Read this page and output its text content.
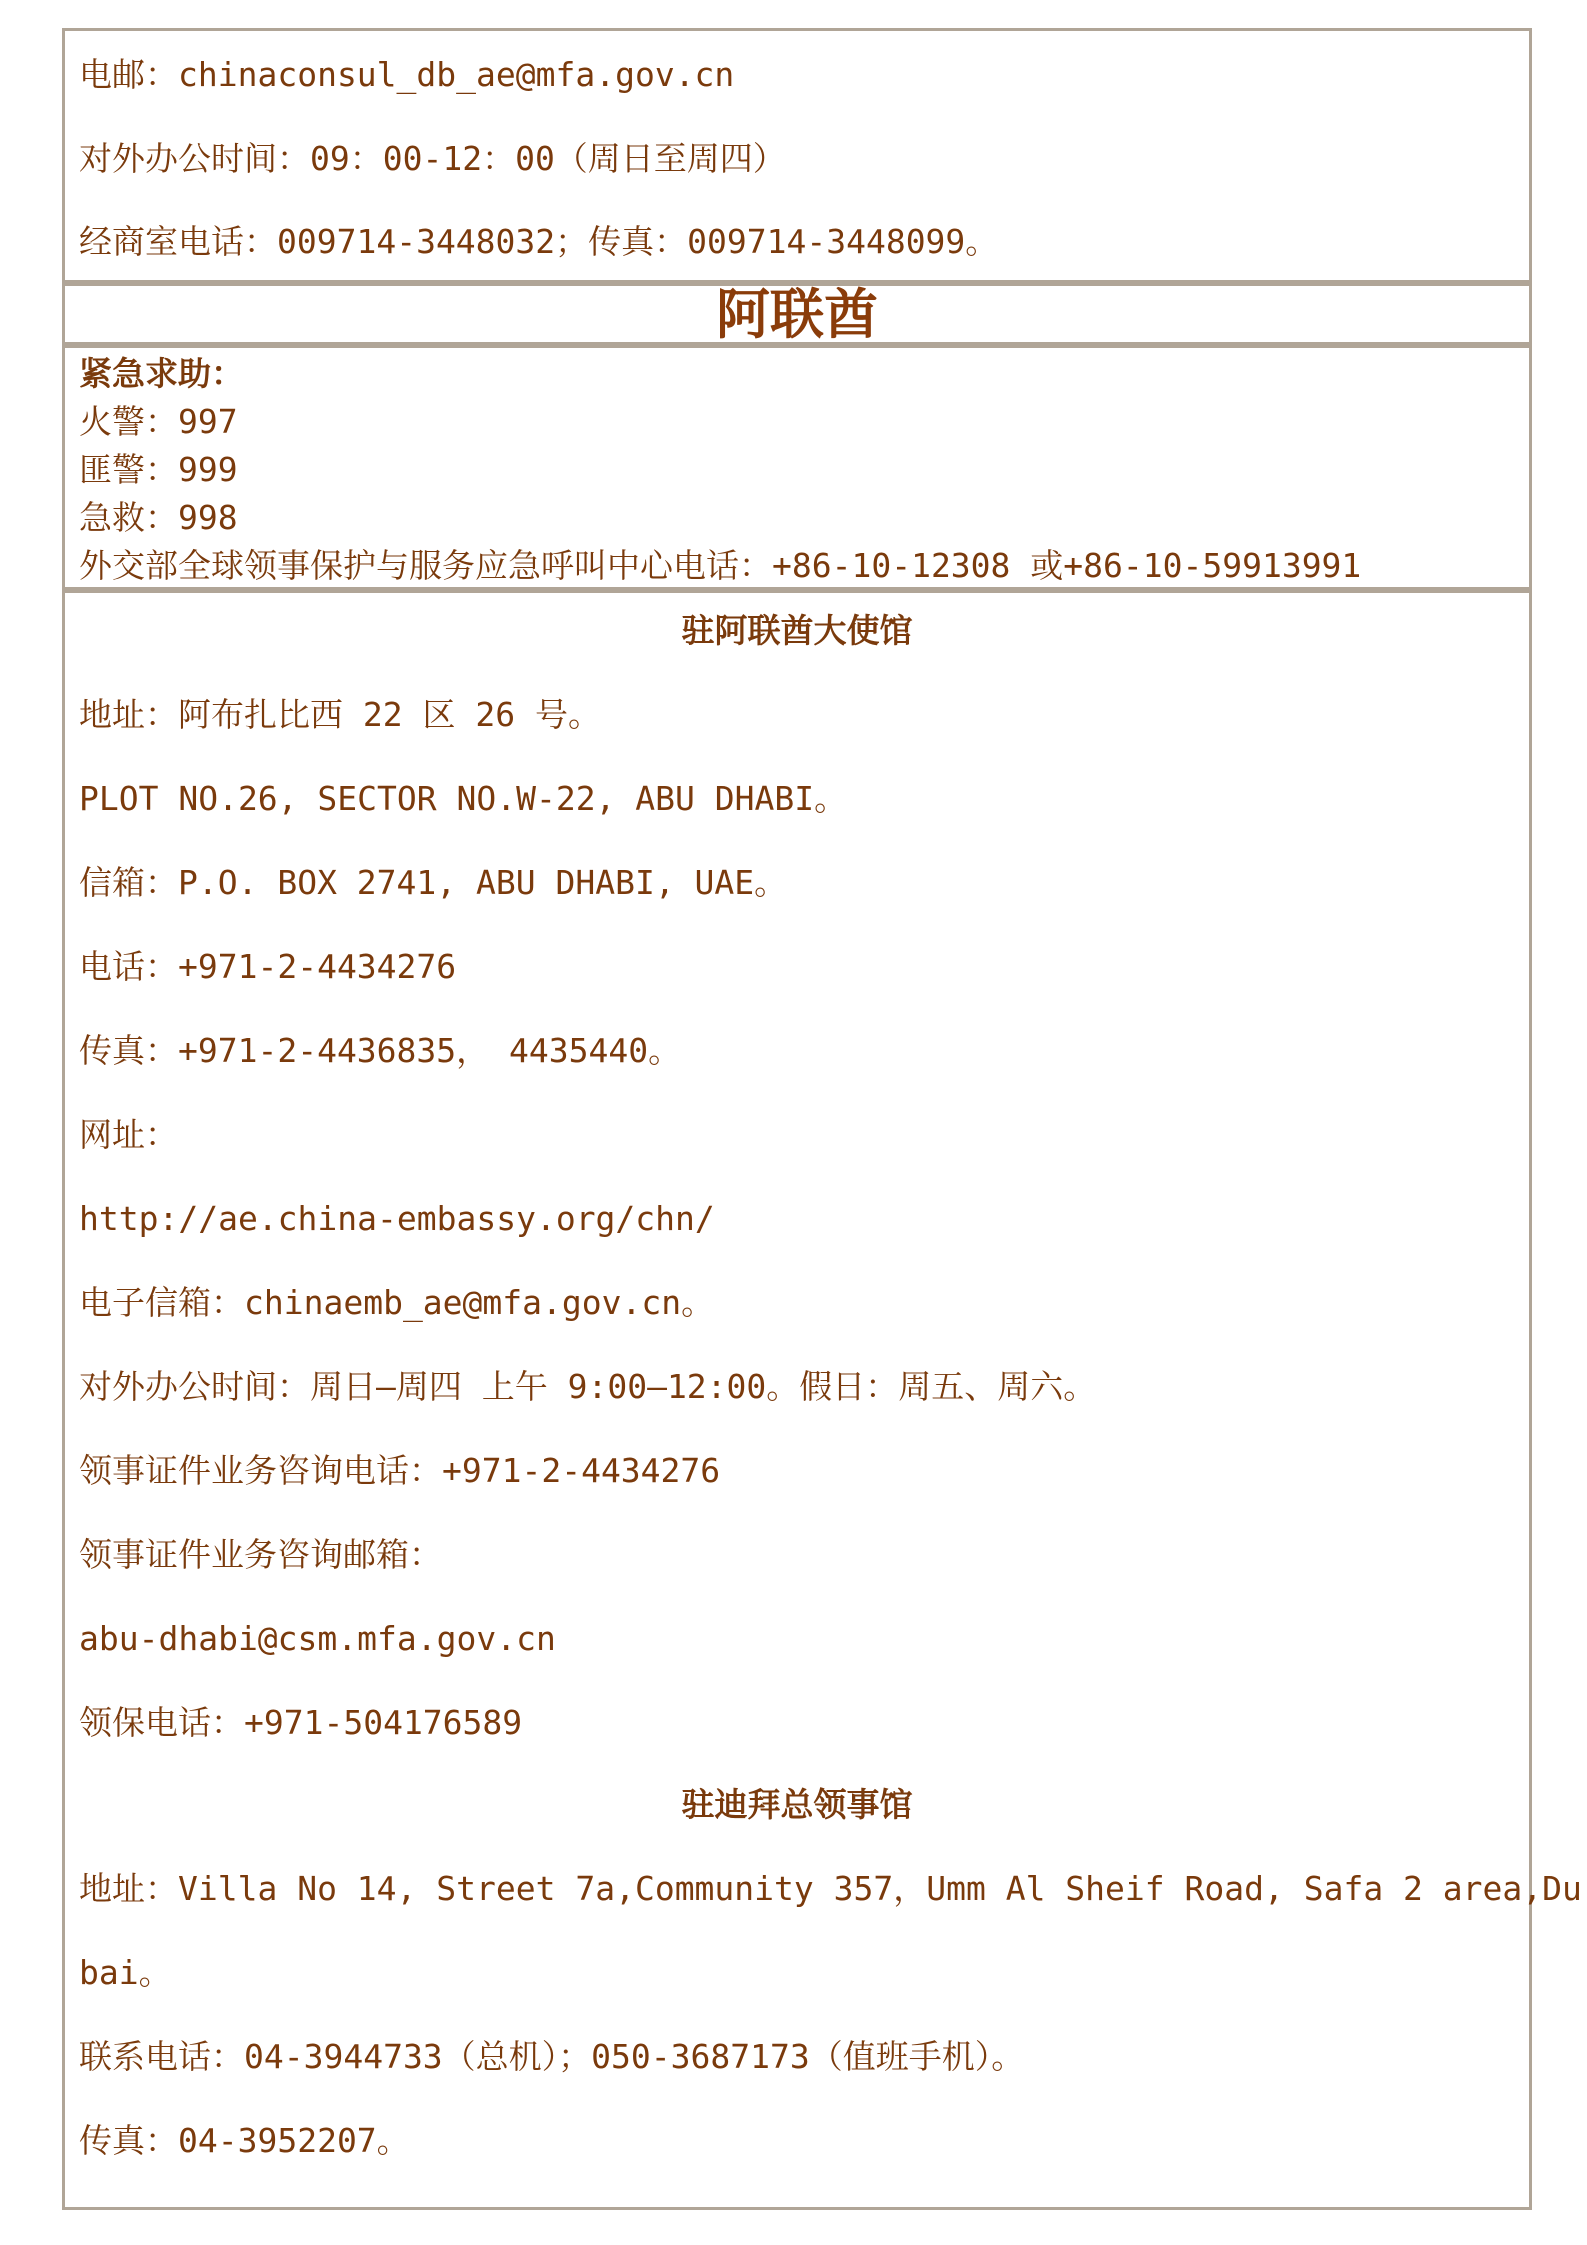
电邮：chinaconsul_db_ae@mfa.gov.cn
对外办公时间：09：00-12：00（周日至周四）
经商室电话：009714-3448032；传真：009714-3448099。
阿联酋
紧急求助：
火警：997
匪警：999
急救：998
外交部全球领事保护与服务应急呼叫中心电话：+86-10-12308 或+86-10-59913991
驻阿联酋大使馆
地址：阿布扎比西 22 区 26 号。
PLOT NO.26, SECTOR NO.W-22, ABU DHABI。
信箱：P.O. BOX 2741, ABU DHABI, UAE。
电话：+971-2-4434276
传真：+971-2-4436835， 4435440。
网址：
http://ae.china-embassy.org/chn/
电子信箱：chinaemb_ae@mfa.gov.cn。
对外办公时间：周日—周四 上午 9:00—12:00。假日：周五、周六。
领事证件业务咨询电话：+971-2-4434276
领事证件业务咨询邮箱：
abu-dhabi@csm.mfa.gov.cn
领保电话：+971-504176589
驻迪拜总领事馆
地址：Villa No 14, Street 7a,Community 357，Umm Al Sheif Road, Safa 2 area,Du
bai。
联系电话：04-3944733（总机）；050-3687173（值班手机）。
传真：04-3952207。
